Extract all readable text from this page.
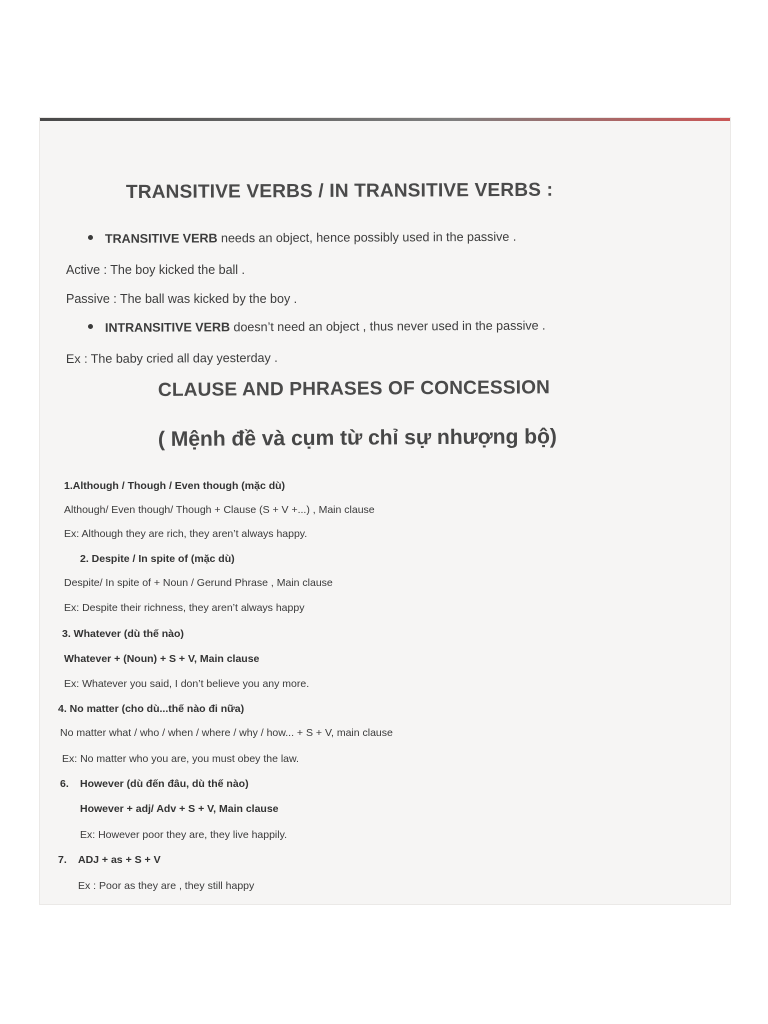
TRANSITIVE VERBS / IN TRANSITIVE VERBS :
TRANSITIVE VERB needs an object, hence possibly used in the passive .
Active : The boy kicked the ball .
Passive : The ball was kicked by the boy .
INTRANSITIVE VERB doesn’t need an object , thus never used in the passive .
Ex : The baby cried all day yesterday .
CLAUSE AND PHRASES OF CONCESSION
( Mệnh đề và cụm từ chỉ sự nhượng bộ)
1.Although / Though / Even though (mặc dù)
Although/ Even though/ Though + Clause (S + V +...) , Main clause
Ex: Although they are rich, they aren’t always happy.
2. Despite / In spite of (mặc dù)
Despite/ In spite of + Noun / Gerund Phrase , Main clause
Ex: Despite their richness, they aren’t always happy
3. Whatever (dù thế nào)
Whatever + (Noun) + S + V, Main clause
Ex: Whatever you said, I don’t believe you any more.
4. No matter (cho dù...thế nào đi nữa)
No matter what / who / when / where / why / how... + S + V, main clause
Ex: No matter who you are, you must obey the law.
6. However (dù đến đâu, dù thế nào)
However + adj/ Adv + S + V, Main clause
Ex: However poor they are, they live happily.
7. ADJ + as + S + V
Ex : Poor as they are , they still happy
